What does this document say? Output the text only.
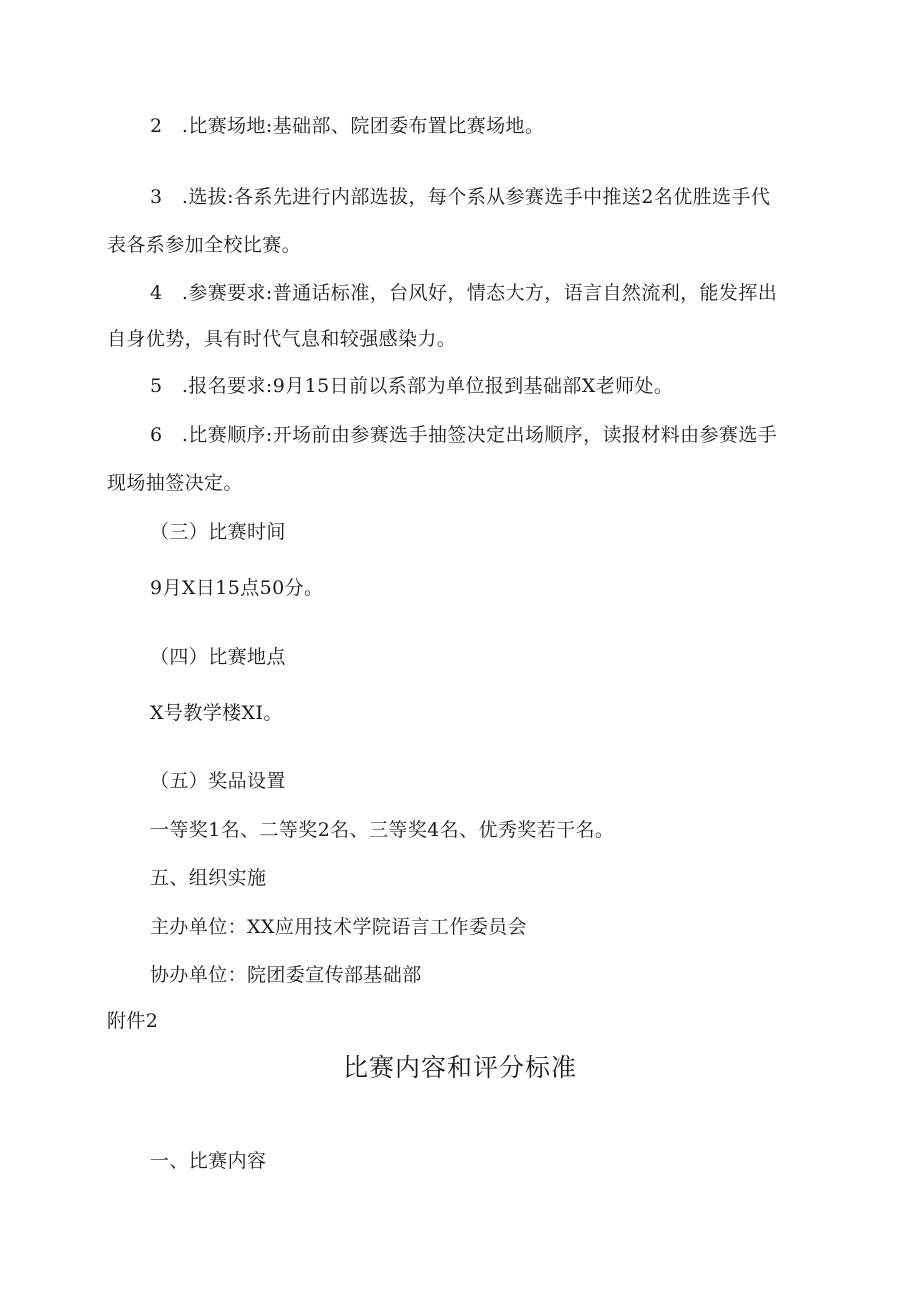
2　.比赛场地:基础部、院团委布置比赛场地。
3　.选拔:各系先进行内部选拔，每个系从参赛选手中推送2名优胜选手代
表各系参加全校比赛。
4　.参赛要求:普通话标准，台风好，情态大方，语言自然流利，能发挥出
自身优势，具有时代气息和较强感染力。
5　.报名要求:9月15日前以系部为单位报到基础部X老师处。
6　.比赛顺序:开场前由参赛选手抽签决定出场顺序，读报材料由参赛选手
现场抽签决定。
（三）比赛时间
9月X日15点50分。
（四）比赛地点
X号教学楼XI。
（五）奖品设置
一等奖1名、二等奖2名、三等奖4名、优秀奖若干名。
五、组织实施
主办单位：XX应用技术学院语言工作委员会
协办单位：院团委宣传部基础部
附件2
比赛内容和评分标准
一、比赛内容
